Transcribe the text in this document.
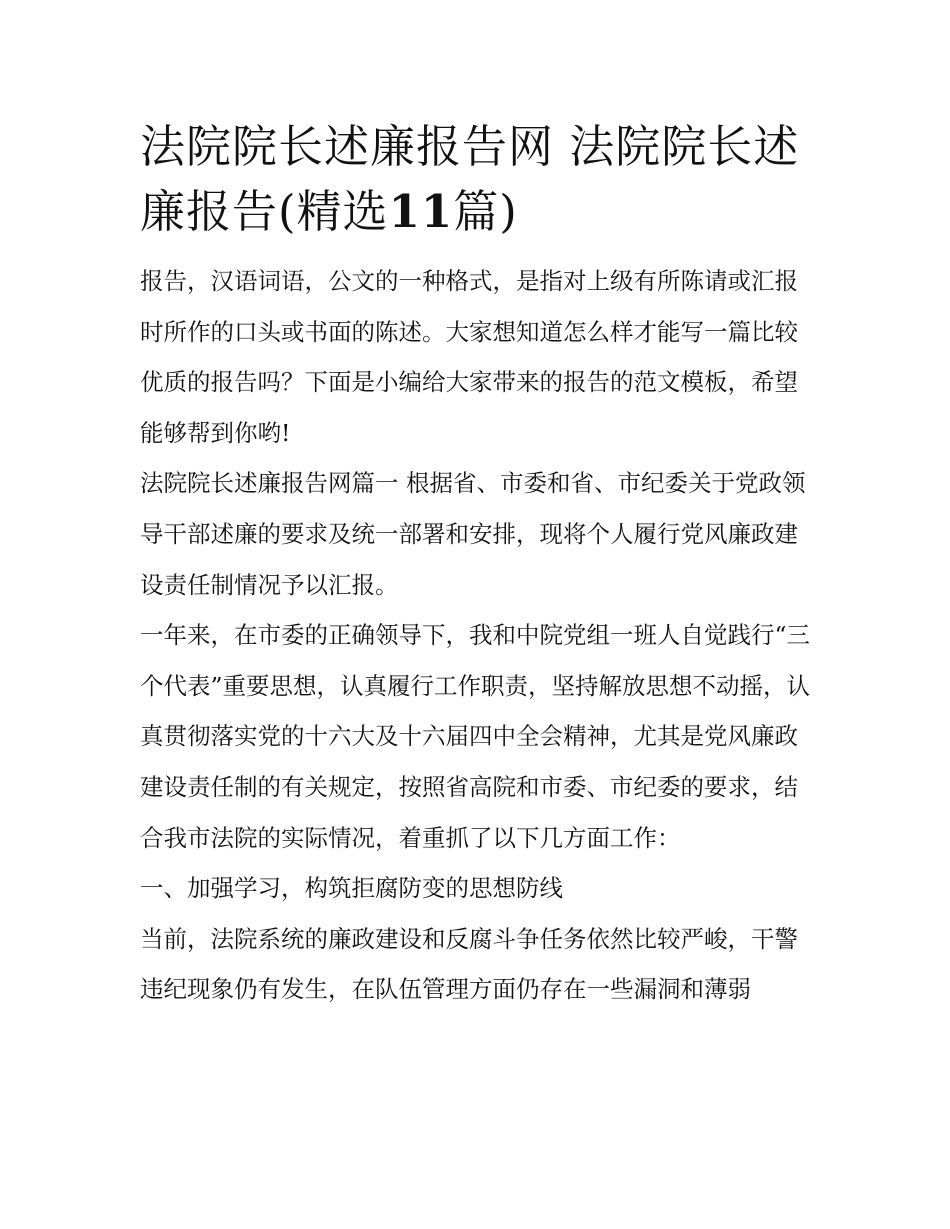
法院院长述廉报告网 法院院长述廉报告(精选11篇)

报告，汉语词语，公文的一种格式，是指对上级有所陈请或汇报时所作的口头或书面的陈述。大家想知道怎么样才能写一篇比较优质的报告吗？下面是小编给大家带来的报告的范文模板，希望能够帮到你哟!

法院院长述廉报告网篇一 根据省、市委和省、市纪委关于党政领导干部述廉的要求及统一部署和安排，现将个人履行党风廉政建设责任制情况予以汇报。

一年来，在市委的正确领导下，我和中院党组一班人自觉践行“三个代表”重要思想，认真履行工作职责，坚持解放思想不动摇，认真贯彻落实党的十六大及十六届四中全会精神，尤其是党风廉政建设责任制的有关规定，按照省高院和市委、市纪委的要求，结合我市法院的实际情况，着重抓了以下几方面工作：

一、加强学习，构筑拒腐防变的思想防线

当前，法院系统的廉政建设和反腐斗争任务依然比较严峻，干警违纪现象仍有发生，在队伍管理方面仍存在一些漏洞和薄弱
